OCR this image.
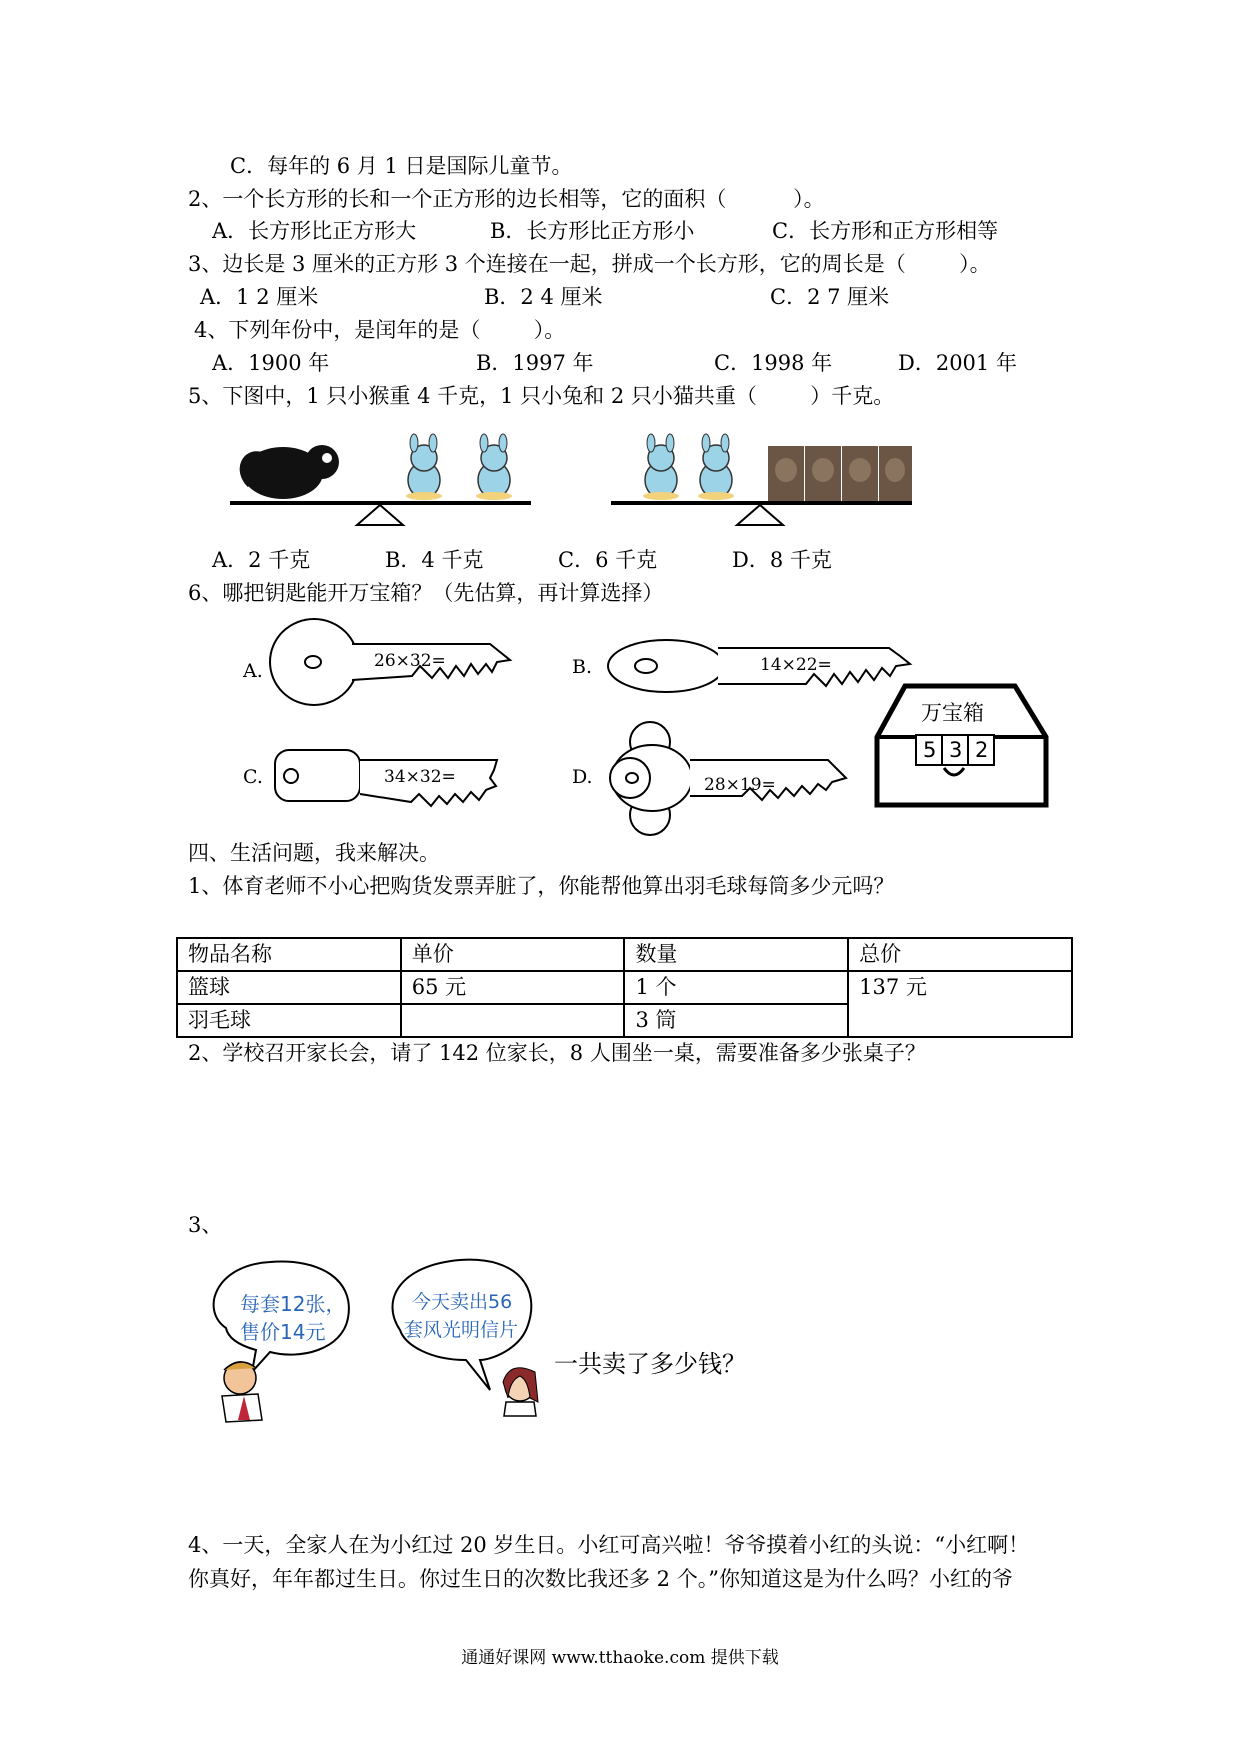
C．每年的 6 月 1 日是国际儿童节。
2、一个长方形的长和一个正方形的边长相等，它的面积（          ）。
A．长方形比正方形大	B．长方形比正方形小	C．长方形和正方形相等
3、边长是 3 厘米的正方形 3 个连接在一起，拼成一个长方形，它的周长是（        ）。
A．1 2 厘米	B．2 4 厘米	C．2 7 厘米
4、下列年份中，是闰年的是（        ）。
A．1900 年	B．1997 年	C．1998 年	D．2001 年
5、下图中，1 只小猴重 4 千克，1 只小兔和 2 只小猫共重（        ）千克。
A．2 千克	B．4 千克	C．6 千克	D．8 千克
6、哪把钥匙能开万宝箱？（先估算，再计算选择）
A.	26×32=	B.	14×22=
C.	34×32=	D.	28×19=
万宝箱
5 3 2
四、生活问题，我来解决。
1、体育老师不小心把购货发票弄脏了，你能帮他算出羽毛球每筒多少元吗？
物品名称	单价	数量	总价
篮球	65 元	1 个	137 元
羽毛球		3 筒	
2、学校召开家长会，请了 142 位家长，8 人围坐一桌，需要准备多少张桌子？
3、
每套12张，
售价14元
今天卖出56
套风光明信片
一共卖了多少钱？
4、一天，全家人在为小红过 20 岁生日。小红可高兴啦！爷爷摸着小红的头说：“小红啊！
你真好，年年都过生日。你过生日的次数比我还多 2 个。”你知道这是为什么吗？小红的爷
通通好课网 www.tthaoke.com 提供下载
